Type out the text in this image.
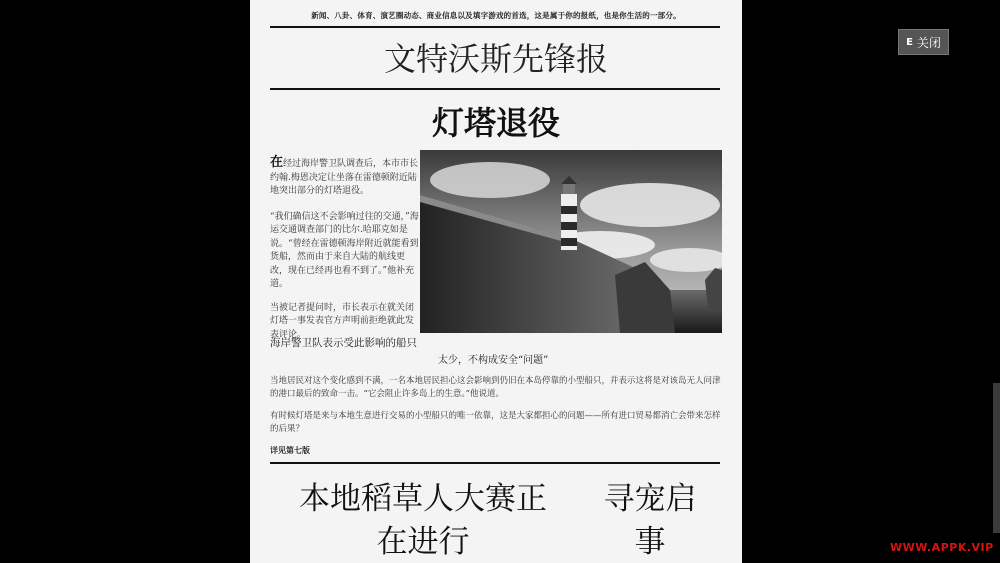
新闻、八卦、体育、演艺圈动态、商业信息以及填字游戏的首选，这是属于你的报纸，也是你生活的一部分。
文特沃斯先锋报
灯塔退役

在经过海岸警卫队调查后，本市市长约翰.梅恩决定让坐落在雷德顿附近陆地突出部分的灯塔退役。

“我们确信这不会影响过往的交通，”海运交通调查部门的比尔.哈耶克如是说。“曾经在雷德顿海岸附近就能看到货船，然而由于来自大陆的航线更改，现在已经再也看不到了。”他补充道。

当被记者提问时，市长表示在就关闭灯塔一事发表官方声明前拒绝就此发表评论。

海岸警卫队表示受此影响的船只
太少，不构成安全“问题”

当地居民对这个变化感到不满，一名本地居民担心这会影响到仍旧在本岛停靠的小型船只，并表示这将是对该岛无人问津的港口最后的致命一击。“它会阻止许多岛上的生意。”他说道。

有时候灯塔是来与本地生意进行交易的小型船只的唯一依靠，这是大家都担心的问题——所有进口贸易都消亡会带来怎样的后果？

详见第七版
本地稻草人大赛正
在进行
寻宠启
事
E 关闭
WWW.APPK.VIP
